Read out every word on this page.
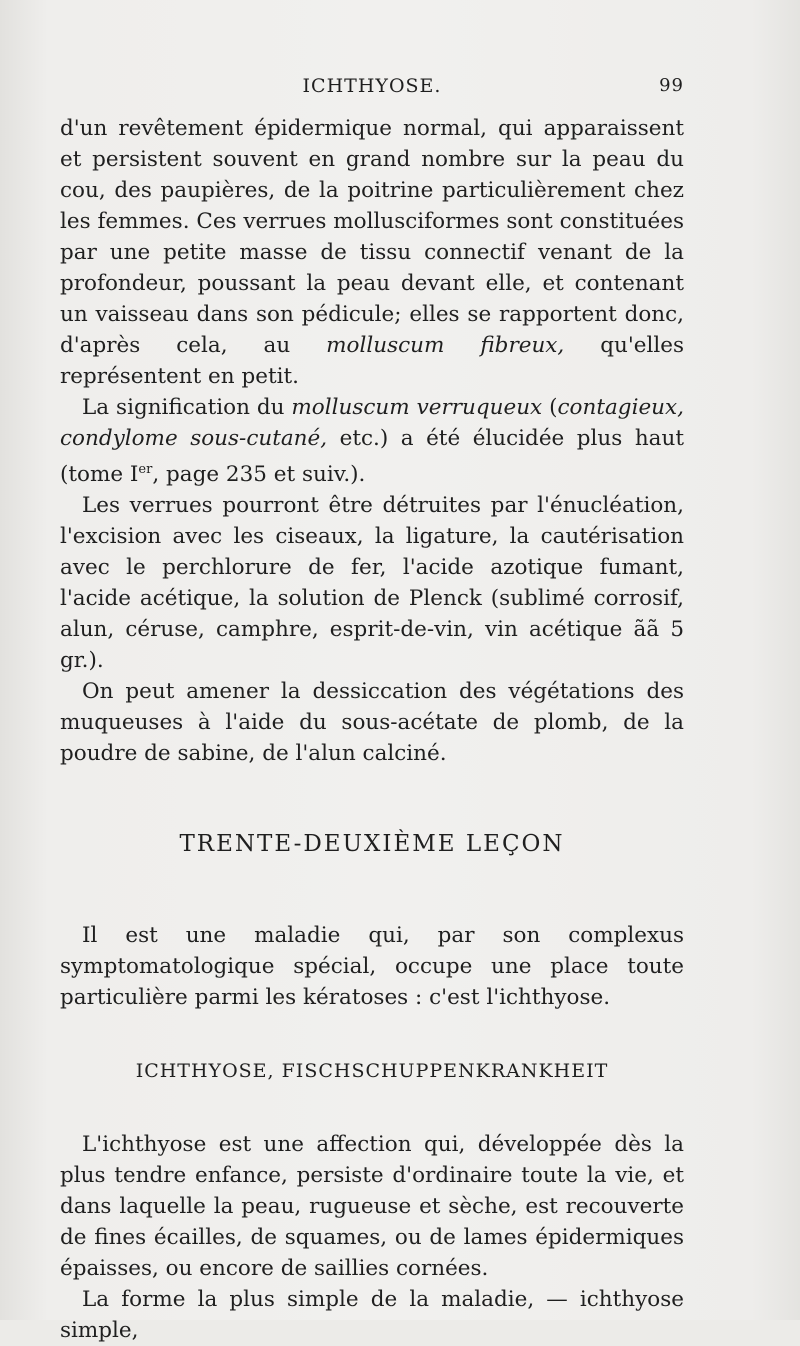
ICHTHYOSE.	99

d'un revêtement épidermique normal, qui apparaissent et persistent souvent en grand nombre sur la peau du cou, des paupières, de la poitrine particulièrement chez les femmes. Ces verrues mollusciformes sont constituées par une petite masse de tissu connectif venant de la profondeur, poussant la peau devant elle, et contenant un vaisseau dans son pédicule; elles se rapportent donc, d'après cela, au molluscum fibreux, qu'elles représentent en petit.

La signification du molluscum verruqueux (contagieux, condylome sous-cutané, etc.) a été élucidée plus haut (tome Ier, page 235 et suiv.).

Les verrues pourront être détruites par l'énucléation, l'excision avec les ciseaux, la ligature, la cautérisation avec le perchlorure de fer, l'acide azotique fumant, l'acide acétique, la solution de Plenck (sublimé corrosif, alun, céruse, camphre, esprit-de-vin, vin acétique ãã 5 gr.).

On peut amener la dessiccation des végétations des muqueuses à l'aide du sous-acétate de plomb, de la poudre de sabine, de l'alun calciné.

TRENTE-DEUXIÈME LEÇON

Il est une maladie qui, par son complexus symptomatologique spécial, occupe une place toute particulière parmi les kératoses : c'est l'ichthyose.

ICHTHYOSE, FISCHSCHUPPENKRANKHEIT

L'ichthyose est une affection qui, développée dès la plus tendre enfance, persiste d'ordinaire toute la vie, et dans laquelle la peau, rugueuse et sèche, est recouverte de fines écailles, de squames, ou de lames épidermiques épaisses, ou encore de saillies cornées.

La forme la plus simple de la maladie, — ichthyose simple,
